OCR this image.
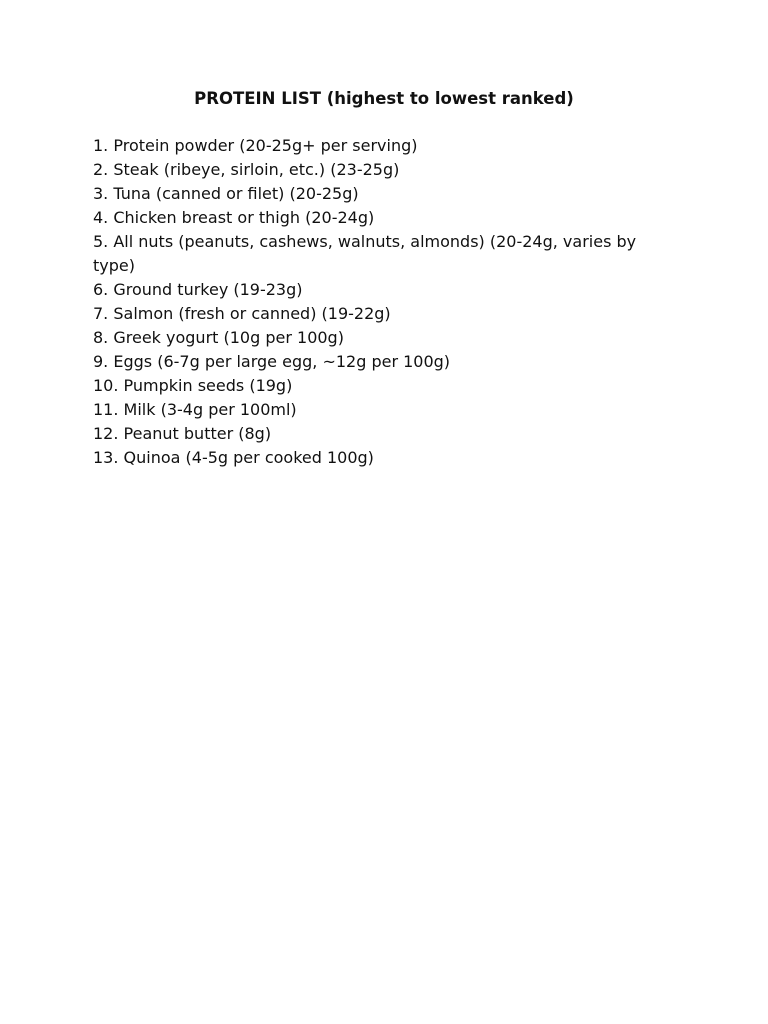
PROTEIN LIST (highest to lowest ranked)
1. Protein powder (20-25g+ per serving)
2. Steak (ribeye, sirloin, etc.) (23-25g)
3. Tuna (canned or filet) (20-25g)
4. Chicken breast or thigh (20-24g)
5. All nuts (peanuts, cashews, walnuts, almonds) (20-24g, varies by type)
6. Ground turkey (19-23g)
7. Salmon (fresh or canned) (19-22g)
8. Greek yogurt (10g per 100g)
9. Eggs (6-7g per large egg, ~12g per 100g)
10. Pumpkin seeds (19g)
11. Milk (3-4g per 100ml)
12. Peanut butter (8g)
13. Quinoa (4-5g per cooked 100g)
